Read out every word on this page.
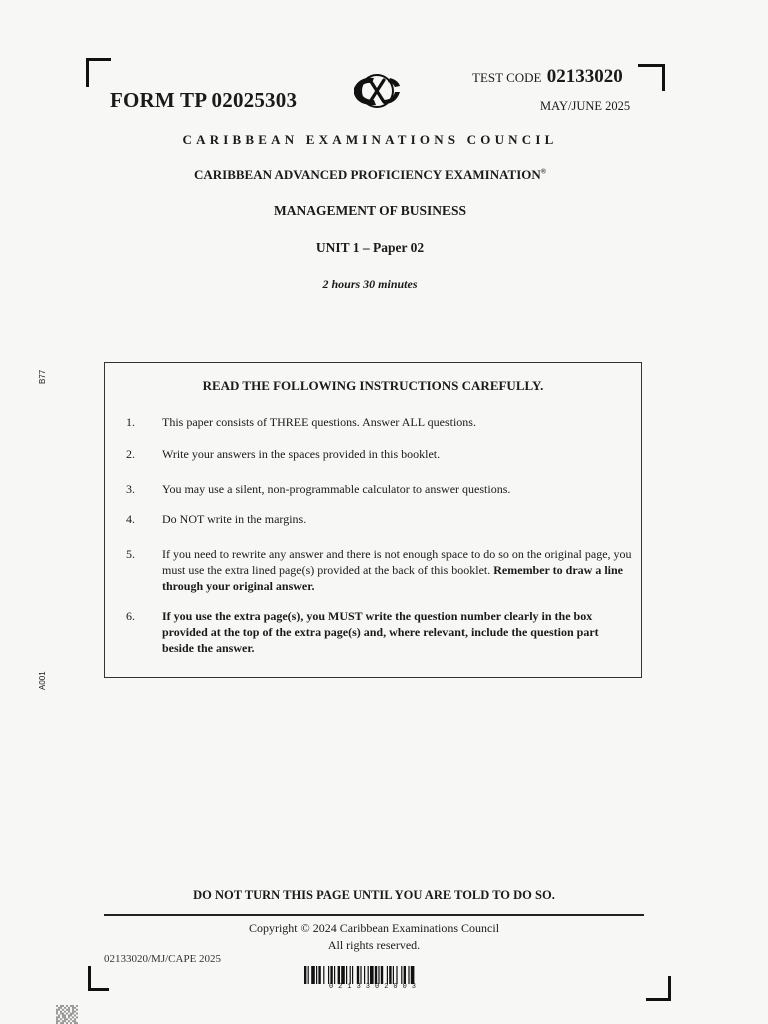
FORM TP 02025303
TEST CODE 02133020
MAY/JUNE 2025
CARIBBEAN EXAMINATIONS COUNCIL
CARIBBEAN ADVANCED PROFICIENCY EXAMINATION®
MANAGEMENT OF BUSINESS
UNIT 1 – Paper 02
2 hours 30 minutes
B77
A001
READ THE FOLLOWING INSTRUCTIONS CAREFULLY.
1.	This paper consists of THREE questions. Answer ALL questions.
2.	Write your answers in the spaces provided in this booklet.
3.	You may use a silent, non-programmable calculator to answer questions.
4.	Do NOT write in the margins.
5.	If you need to rewrite any answer and there is not enough space to do so on the original page, you must use the extra lined page(s) provided at the back of this booklet. Remember to draw a line through your original answer.
6.	If you use the extra page(s), you MUST write the question number clearly in the box provided at the top of the extra page(s) and, where relevant, include the question part beside the answer.
DO NOT TURN THIS PAGE UNTIL YOU ARE TOLD TO DO SO.
Copyright © 2024 Caribbean Examinations Council
All rights reserved.
02133020/MJ/CAPE 2025
0213302003
